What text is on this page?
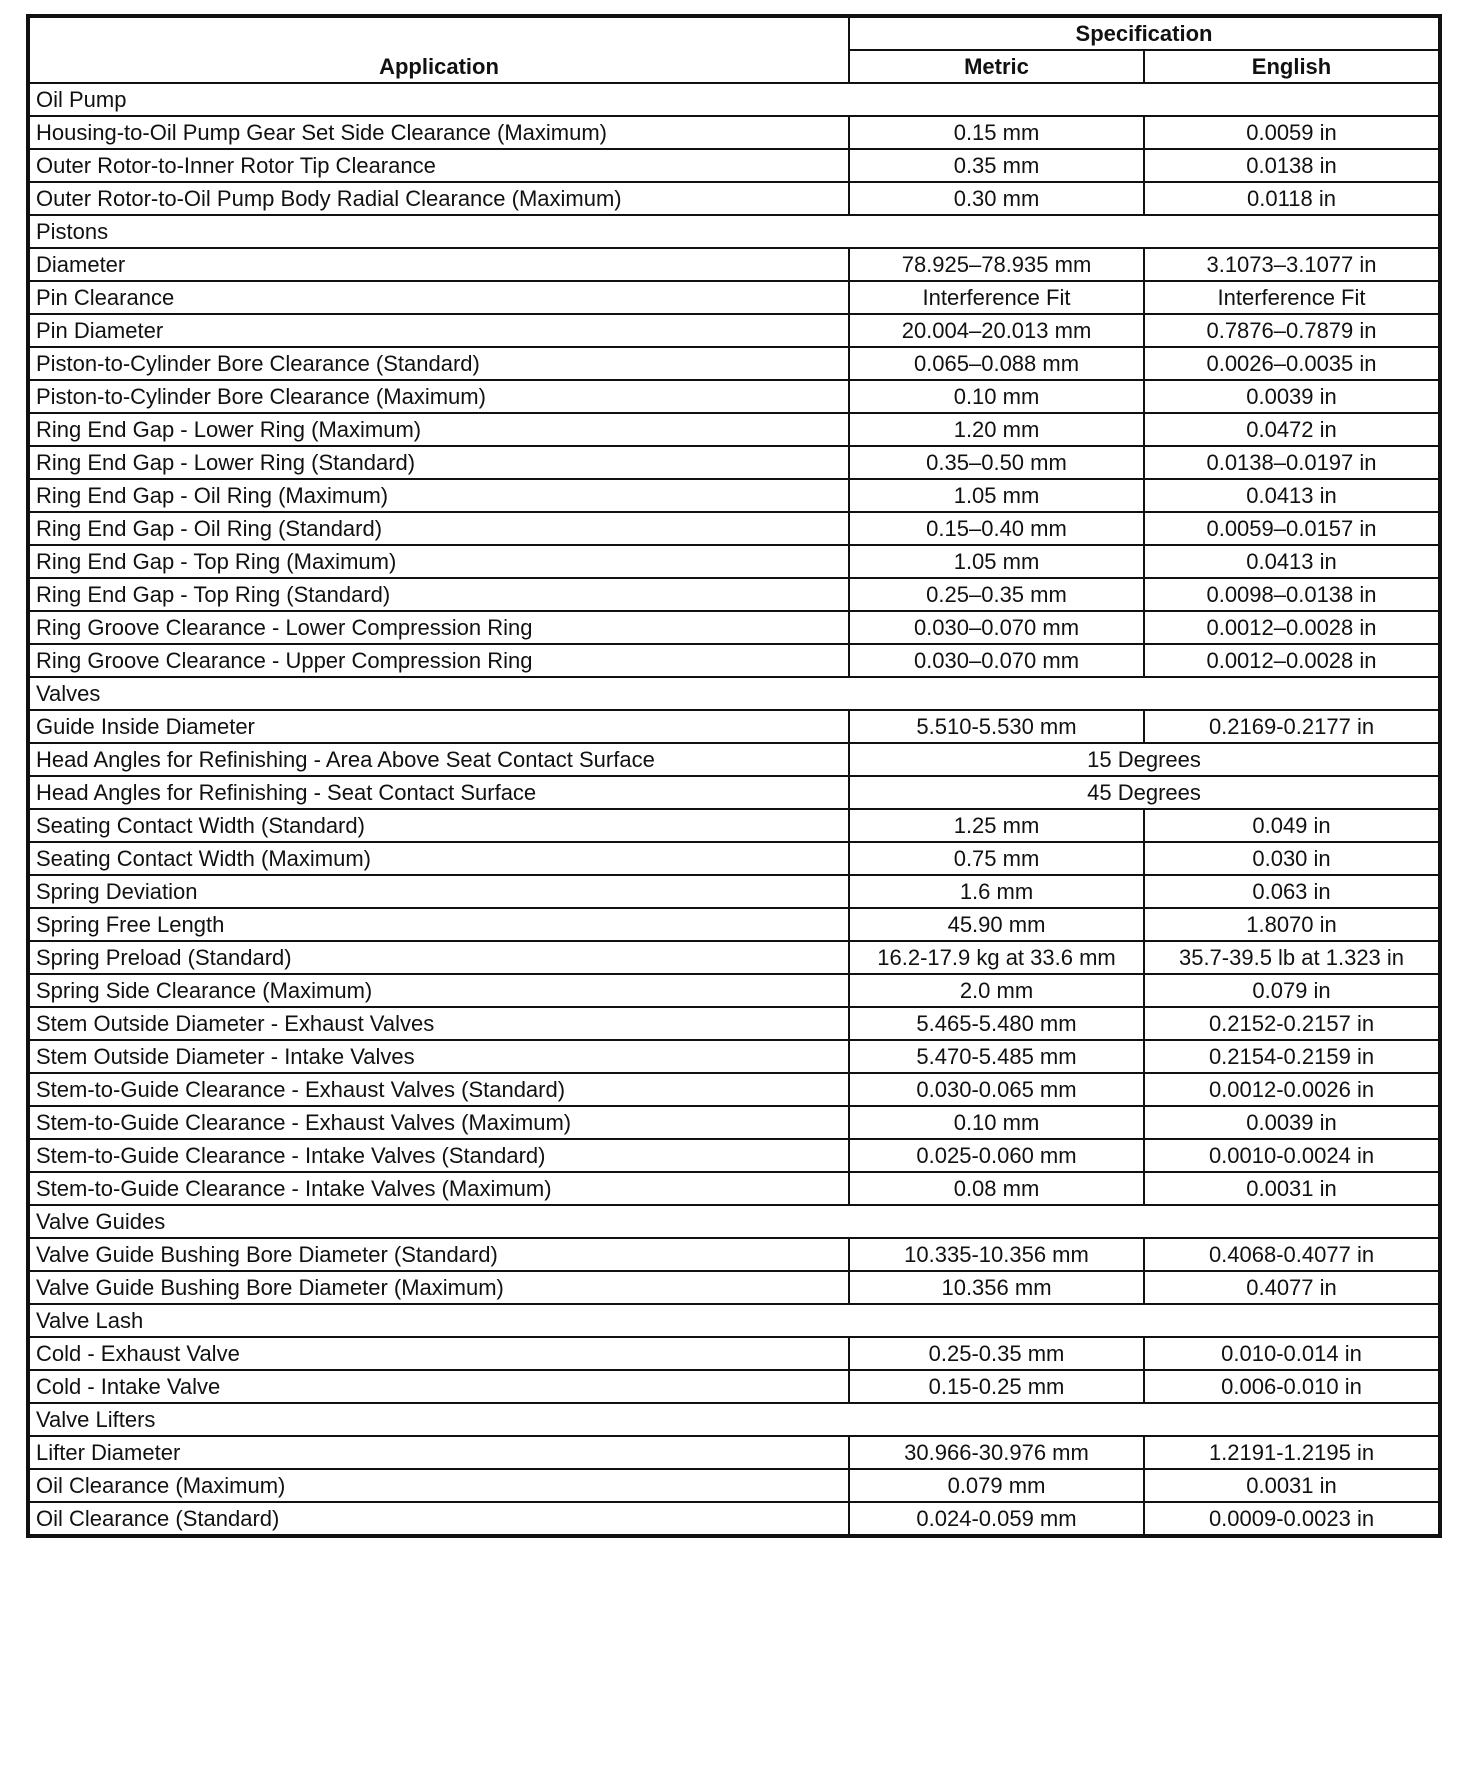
Application	Specification	
	Metric	English
Oil Pump		
Housing-to-Oil Pump Gear Set Side Clearance (Maximum)	0.15 mm	0.0059 in
Outer Rotor-to-Inner Rotor Tip Clearance	0.35 mm	0.0138 in
Outer Rotor-to-Oil Pump Body Radial Clearance (Maximum)	0.30 mm	0.0118 in
Pistons		
Diameter	78.925–78.935 mm	3.1073–3.1077 in
Pin Clearance	Interference Fit	Interference Fit
Pin Diameter	20.004–20.013 mm	0.7876–0.7879 in
Piston-to-Cylinder Bore Clearance (Standard)	0.065–0.088 mm	0.0026–0.0035 in
Piston-to-Cylinder Bore Clearance (Maximum)	0.10 mm	0.0039 in
Ring End Gap - Lower Ring (Maximum)	1.20 mm	0.0472 in
Ring End Gap - Lower Ring (Standard)	0.35–0.50 mm	0.0138–0.0197 in
Ring End Gap - Oil Ring (Maximum)	1.05 mm	0.0413 in
Ring End Gap - Oil Ring (Standard)	0.15–0.40 mm	0.0059–0.0157 in
Ring End Gap - Top Ring (Maximum)	1.05 mm	0.0413 in
Ring End Gap - Top Ring (Standard)	0.25–0.35 mm	0.0098–0.0138 in
Ring Groove Clearance - Lower Compression Ring	0.030–0.070 mm	0.0012–0.0028 in
Ring Groove Clearance - Upper Compression Ring	0.030–0.070 mm	0.0012–0.0028 in
Valves		
Guide Inside Diameter	5.510-5.530 mm	0.2169-0.2177 in
Head Angles for Refinishing - Area Above Seat Contact Surface	15 Degrees	
Head Angles for Refinishing - Seat Contact Surface	45 Degrees	
Seating Contact Width (Standard)	1.25 mm	0.049 in
Seating Contact Width (Maximum)	0.75 mm	0.030 in
Spring Deviation	1.6 mm	0.063 in
Spring Free Length	45.90 mm	1.8070 in
Spring Preload (Standard)	16.2-17.9 kg at 33.6 mm	35.7-39.5 lb at 1.323 in
Spring Side Clearance (Maximum)	2.0 mm	0.079 in
Stem Outside Diameter - Exhaust Valves	5.465-5.480 mm	0.2152-0.2157 in
Stem Outside Diameter - Intake Valves	5.470-5.485 mm	0.2154-0.2159 in
Stem-to-Guide Clearance - Exhaust Valves (Standard)	0.030-0.065 mm	0.0012-0.0026 in
Stem-to-Guide Clearance - Exhaust Valves (Maximum)	0.10 mm	0.0039 in
Stem-to-Guide Clearance - Intake Valves (Standard)	0.025-0.060 mm	0.0010-0.0024 in
Stem-to-Guide Clearance - Intake Valves (Maximum)	0.08 mm	0.0031 in
Valve Guides		
Valve Guide Bushing Bore Diameter (Standard)	10.335-10.356 mm	0.4068-0.4077 in
Valve Guide Bushing Bore Diameter (Maximum)	10.356 mm	0.4077 in
Valve Lash		
Cold - Exhaust Valve	0.25-0.35 mm	0.010-0.014 in
Cold - Intake Valve	0.15-0.25 mm	0.006-0.010 in
Valve Lifters		
Lifter Diameter	30.966-30.976 mm	1.2191-1.2195 in
Oil Clearance (Maximum)	0.079 mm	0.0031 in
Oil Clearance (Standard)	0.024-0.059 mm	0.0009-0.0023 in
